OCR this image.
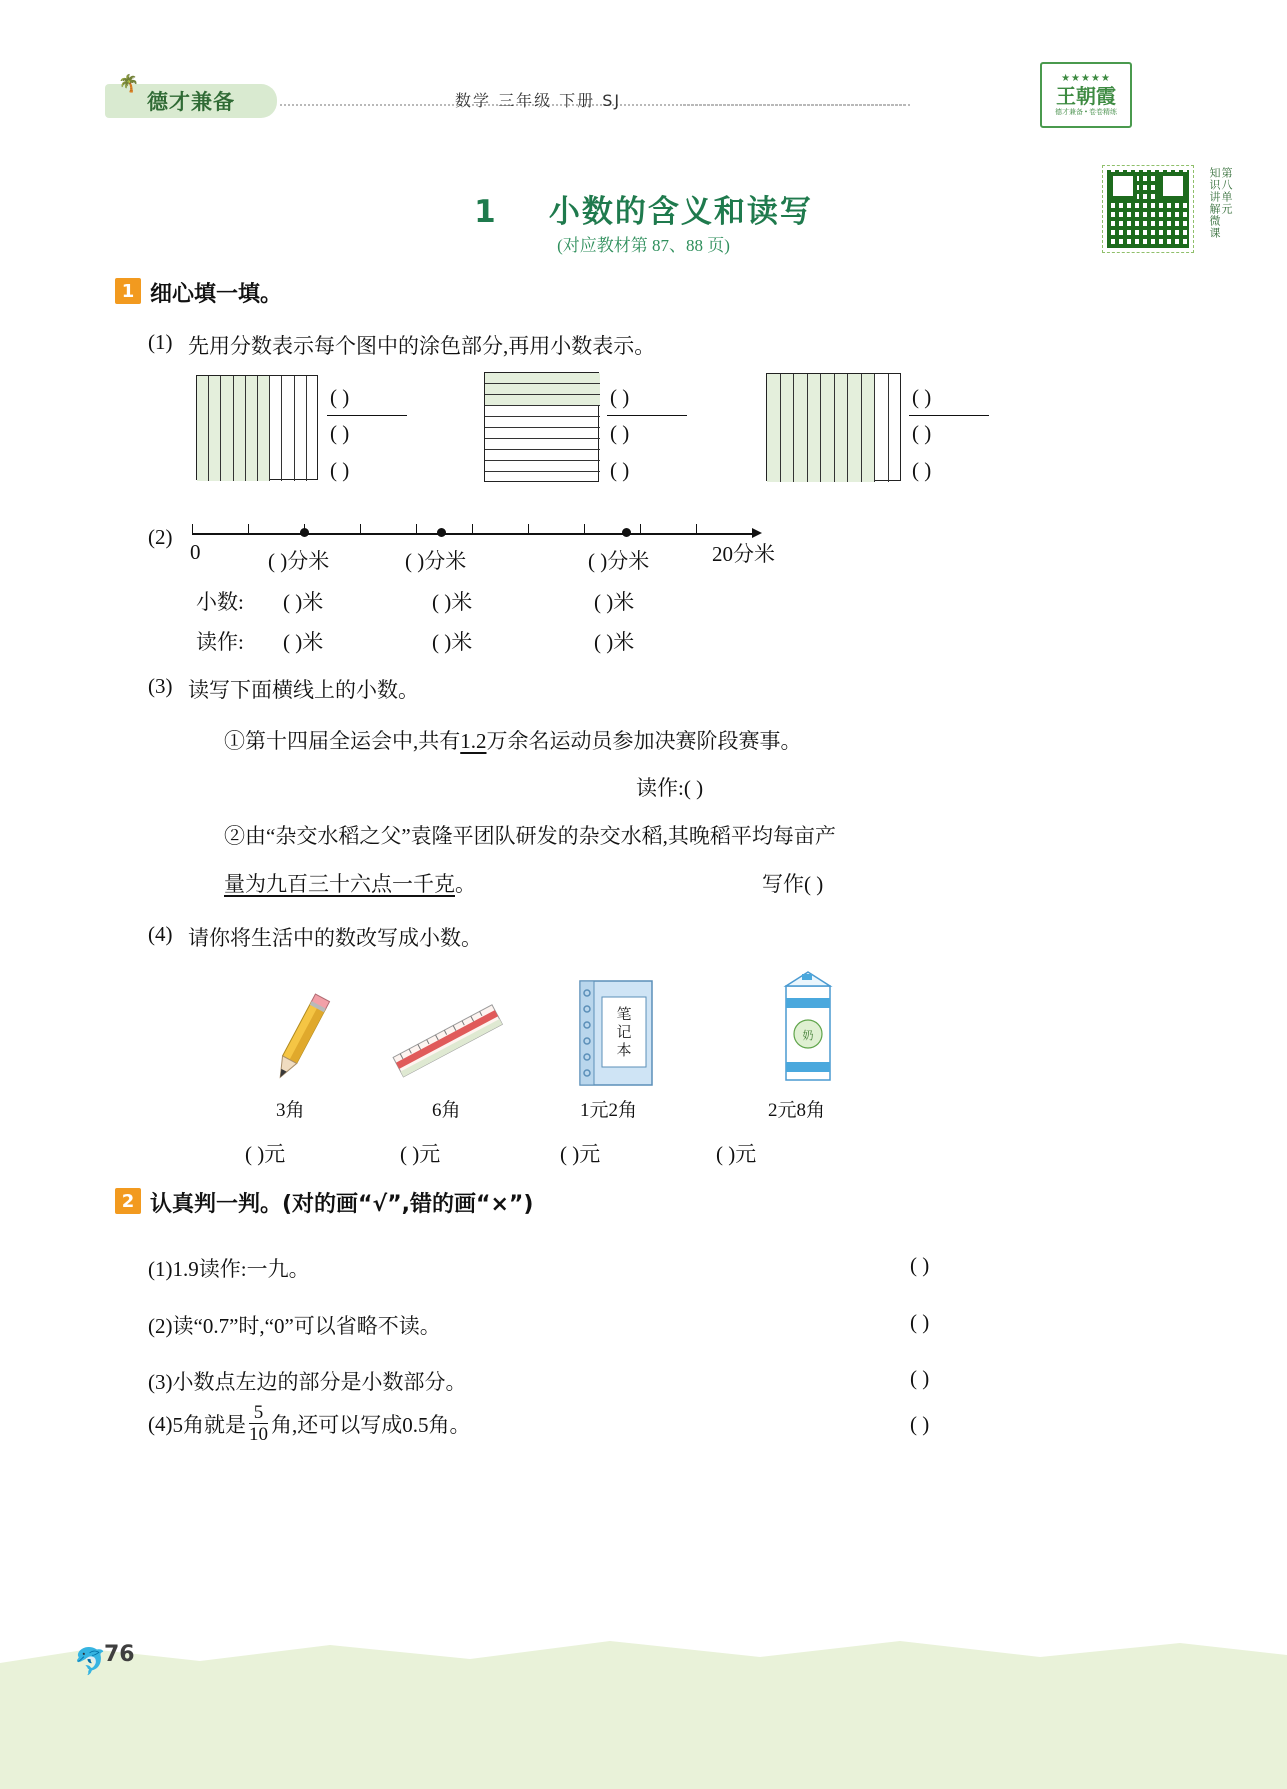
德才兼备
🌴
数学 三年级 下册 SJ
★★★★★
王朝霞
德才兼备 • 卷卷精练
第八单元
知识讲解微课
1 小数的含义和读写
(对应教材第 87、88 页)
1 细心填一填。
(1) 先用分数表示每个图中的涂色部分,再用小数表示。
( )
( )
( )
( )
( )
( )
( )
( )
( )
(2)
0	20分米
( )分米	( )分米	( )分米
小数: ( )米	( )米	( )米
读作: ( )米	( )米	( )米
(3) 读写下面横线上的小数。
①第十四届全运会中,共有1.2万余名运动员参加决赛阶段赛事。
读作:( )
②由“杂交水稻之父”袁隆平团队研发的杂交水稻,其晚稻平均每亩产
量为九百三十六点一千克。	写作( )
(4) 请你将生活中的数改写成小数。
3角
( )元
6角
( )元
笔
记
本
1元2角
( )元
奶
2元8角
( )元
2 认真判一判。(对的画“√”,错的画“×”)
(1)1.9读作:一九。	( )
(2)读“0.7”时,“0”可以省略不读。	( )
(3)小数点左边的部分是小数部分。	( )
(4) 5角就是 $\frac{5}{10}$ 角,还可以写成0.5角。	( )
🐬
76
